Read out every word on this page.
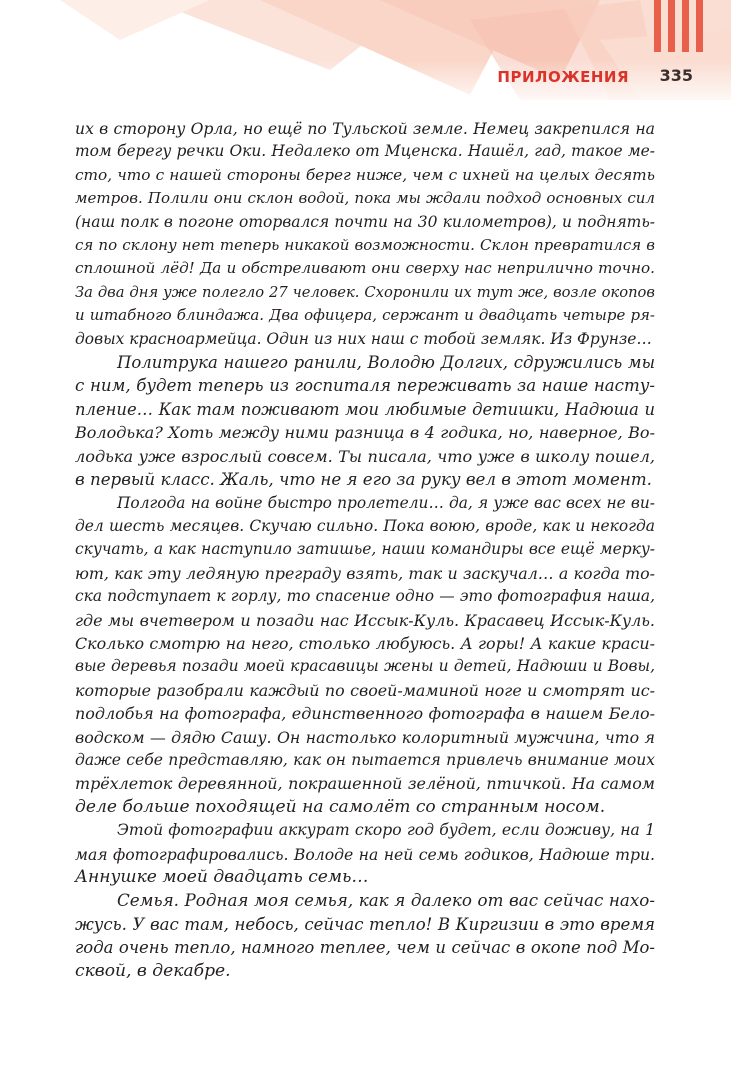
ПРИЛОЖЕНИЯ 335

их в сторону Орла, но ещё по Тульской земле. Немец закрепился на
том берегу речки Оки. Недалеко от Мценска. Нашёл, гад, такое ме-
сто, что с нашей стороны берег ниже, чем с ихней на целых десять
метров. Полили они склон водой, пока мы ждали подход основных сил
(наш полк в погоне оторвался почти на 30 километров), и поднять-
ся по склону нет теперь никакой возможности. Склон превратился в
сплошной лёд! Да и обстреливают они сверху нас неприлично точно.
За два дня уже полегло 27 человек. Схоронили их тут же, возле окопов
и штабного блиндажа. Два офицера, сержант и двадцать четыре ря-
довых красноармейца. Один из них наш с тобой земляк. Из Фрунзе…

Политрука нашего ранили, Володю Долгих, сдружились мы
с ним, будет теперь из госпиталя переживать за наше насту-
пление… Как там поживают мои любимые детишки, Надюша и
Володька? Хоть между ними разница в 4 годика, но, наверное, Во-
лодька уже взрослый совсем. Ты писала, что уже в школу пошел,
в первый класс. Жаль, что не я его за руку вел в этот момент.

Полгода на войне быстро пролетели… да, я уже вас всех не ви-
дел шесть месяцев. Скучаю сильно. Пока воюю, вроде, как и некогда
скучать, а как наступило затишье, наши командиры все ещё мерку-
ют, как эту ледяную преграду взять, так и заскучал… а когда то-
ска подступает к горлу, то спасение одно — это фотография наша,
где мы вчетвером и позади нас Иссык-Куль. Красавец Иссык-Куль.
Сколько смотрю на него, столько любуюсь. А горы! А какие краси-
вые деревья позади моей красавицы жены и детей, Надюши и Вовы,
которые разобрали каждый по своей-маминой ноге и смотрят ис-
подлобья на фотографа, единственного фотографа в нашем Бело-
водском — дядю Сашу. Он настолько колоритный мужчина, что я
даже себе представляю, как он пытается привлечь внимание моих
трёхлеток деревянной, покрашенной зелёной, птичкой. На самом
деле больше походящей на самолёт со странным носом.

Этой фотографии аккурат скоро год будет, если доживу, на 1
мая фотографировались. Володе на ней семь годиков, Надюше три.
Аннушке моей двадцать семь…

Семья. Родная моя семья, как я далеко от вас сейчас нахо-
жусь. У вас там, небось, сейчас тепло! В Киргизии в это время
года очень тепло, намного теплее, чем и сейчас в окопе под Мо-
сквой, в декабре.
